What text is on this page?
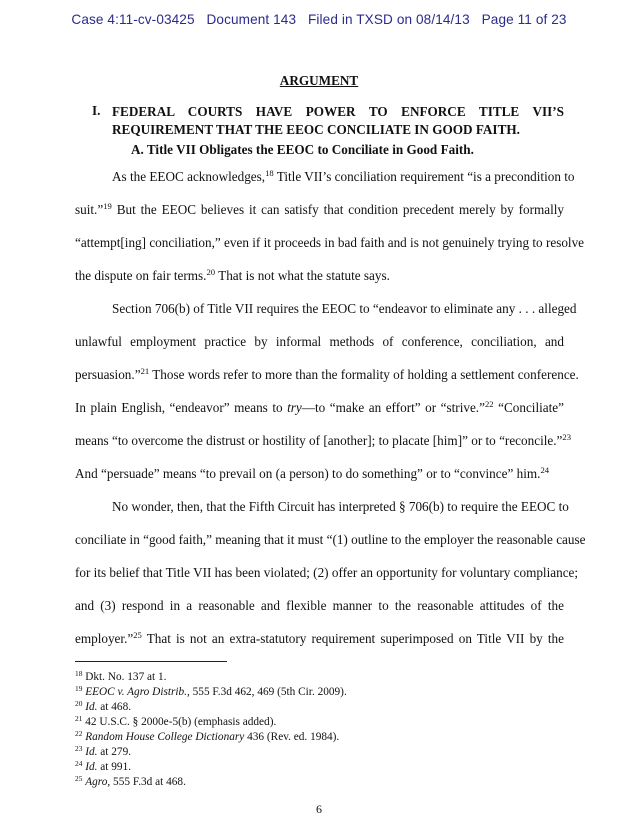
Case 4:11-cv-03425 Document 143 Filed in TXSD on 08/14/13 Page 11 of 23
ARGUMENT
I. FEDERAL COURTS HAVE POWER TO ENFORCE TITLE VII’S
REQUIREMENT THAT THE EEOC CONCILIATE IN GOOD FAITH.
A. Title VII Obligates the EEOC to Conciliate in Good Faith.
As the EEOC acknowledges,$^{18}$ Title VII’s conciliation requirement “is a precondition to
suit.”$^{19}$ But the EEOC believes it can satisfy that condition precedent merely by formally
“attempt[ing] conciliation,” even if it proceeds in bad faith and is not genuinely trying to resolve
the dispute on fair terms.$^{20}$ That is not what the statute says.
Section 706(b) of Title VII requires the EEOC to “endeavor to eliminate any . . . alleged
unlawful employment practice by informal methods of conference, conciliation, and
persuasion.”$^{21}$ Those words refer to more than the formality of holding a settlement conference.
In plain English, “endeavor” means to try—to “make an effort” or “strive.”$^{22}$ “Conciliate”
means “to overcome the distrust or hostility of [another]; to placate [him]” or to “reconcile.”$^{23}$
And “persuade” means “to prevail on (a person) to do something” or to “convince” him.$^{24}$
No wonder, then, that the Fifth Circuit has interpreted § 706(b) to require the EEOC to
conciliate in “good faith,” meaning that it must “(1) outline to the employer the reasonable cause
for its belief that Title VII has been violated; (2) offer an opportunity for voluntary compliance;
and (3) respond in a reasonable and flexible manner to the reasonable attitudes of the
employer.”$^{25}$ That is not an extra-statutory requirement superimposed on Title VII by the
$^{18}$ Dkt. No. 137 at 1.
$^{19}$ EEOC v. Agro Distrib., 555 F.3d 462, 469 (5th Cir. 2009).
$^{20}$ Id. at 468.
$^{21}$ 42 U.S.C. § 2000e-5(b) (emphasis added).
$^{22}$ Random House College Dictionary 436 (Rev. ed. 1984).
$^{23}$ Id. at 279.
$^{24}$ Id. at 991.
$^{25}$ Agro, 555 F.3d at 468.
6
